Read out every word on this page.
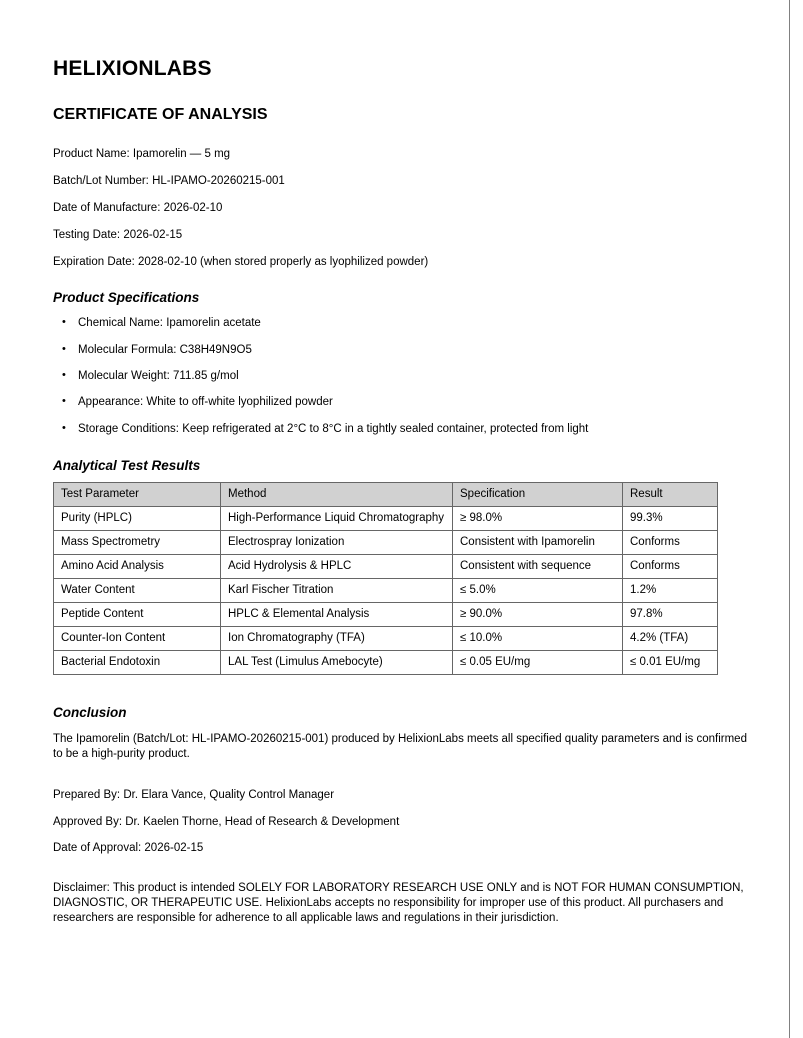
HELIXIONLABS
CERTIFICATE OF ANALYSIS
Product Name: Ipamorelin — 5 mg
Batch/Lot Number: HL-IPAMO-20260215-001
Date of Manufacture: 2026-02-10
Testing Date: 2026-02-15
Expiration Date: 2028-02-10 (when stored properly as lyophilized powder)
Product Specifications
• Chemical Name: Ipamorelin acetate
• Molecular Formula: C38H49N9O5
• Molecular Weight: 711.85 g/mol
• Appearance: White to off-white lyophilized powder
• Storage Conditions: Keep refrigerated at 2°C to 8°C in a tightly sealed container, protected from light
Analytical Test Results
Test Parameter	Method	Specification	Result
Purity (HPLC)	High-Performance Liquid Chromatography	≥ 98.0%	99.3%
Mass Spectrometry	Electrospray Ionization	Consistent with Ipamorelin	Conforms
Amino Acid Analysis	Acid Hydrolysis & HPLC	Consistent with sequence	Conforms
Water Content	Karl Fischer Titration	≤ 5.0%	1.2%
Peptide Content	HPLC & Elemental Analysis	≥ 90.0%	97.8%
Counter-Ion Content	Ion Chromatography (TFA)	≤ 10.0%	4.2% (TFA)
Bacterial Endotoxin	LAL Test (Limulus Amebocyte)	≤ 0.05 EU/mg	≤ 0.01 EU/mg
Conclusion
The Ipamorelin (Batch/Lot: HL-IPAMO-20260215-001) produced by HelixionLabs meets all specified quality parameters and is confirmed to be a high-purity product.
Prepared By: Dr. Elara Vance, Quality Control Manager
Approved By: Dr. Kaelen Thorne, Head of Research & Development
Date of Approval: 2026-02-15
Disclaimer: This product is intended SOLELY FOR LABORATORY RESEARCH USE ONLY and is NOT FOR HUMAN CONSUMPTION, DIAGNOSTIC, OR THERAPEUTIC USE. HelixionLabs accepts no responsibility for improper use of this product. All purchasers and researchers are responsible for adherence to all applicable laws and regulations in their jurisdiction.
